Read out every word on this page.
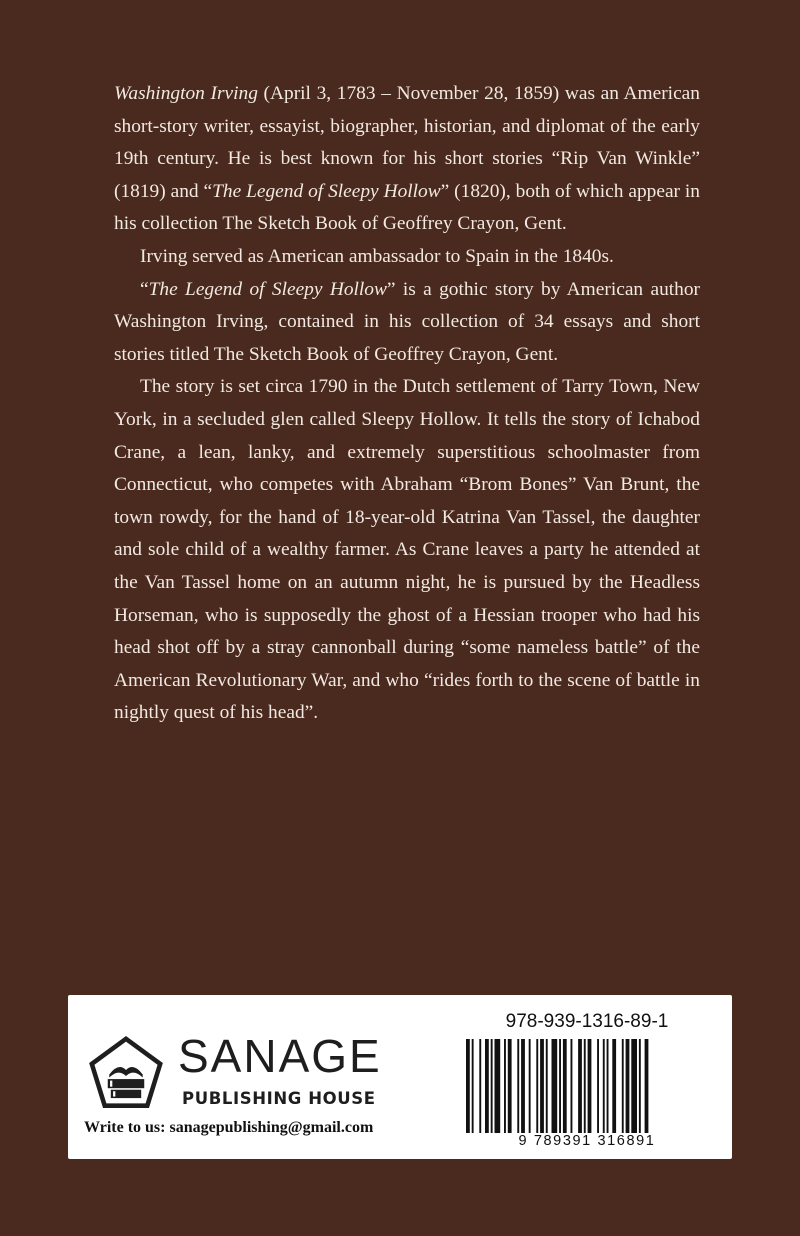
Washington Irving (April 3, 1783 – November 28, 1859) was an American short-story writer, essayist, biographer, historian, and diplomat of the early 19th century. He is best known for his short stories “Rip Van Winkle” (1819) and “The Legend of Sleepy Hollow” (1820), both of which appear in his collection The Sketch Book of Geoffrey Crayon, Gent.

Irving served as American ambassador to Spain in the 1840s.

“The Legend of Sleepy Hollow” is a gothic story by American author Washington Irving, contained in his collection of 34 essays and short stories titled The Sketch Book of Geoffrey Crayon, Gent.

The story is set circa 1790 in the Dutch settlement of Tarry Town, New York, in a secluded glen called Sleepy Hollow. It tells the story of Ichabod Crane, a lean, lanky, and extremely superstitious schoolmaster from Connecticut, who competes with Abraham “Brom Bones” Van Brunt, the town rowdy, for the hand of 18-year-old Katrina Van Tassel, the daughter and sole child of a wealthy farmer. As Crane leaves a party he attended at the Van Tassel home on an autumn night, he is pursued by the Headless Horseman, who is supposedly the ghost of a Hessian trooper who had his head shot off by a stray cannonball during “some nameless battle” of the American Revolutionary War, and who “rides forth to the scene of battle in nightly quest of his head”.

SANAGE
PUBLISHING HOUSE
Write to us: sanagepublishing@gmail.com
978-939-1316-89-1
9 789391 316891
